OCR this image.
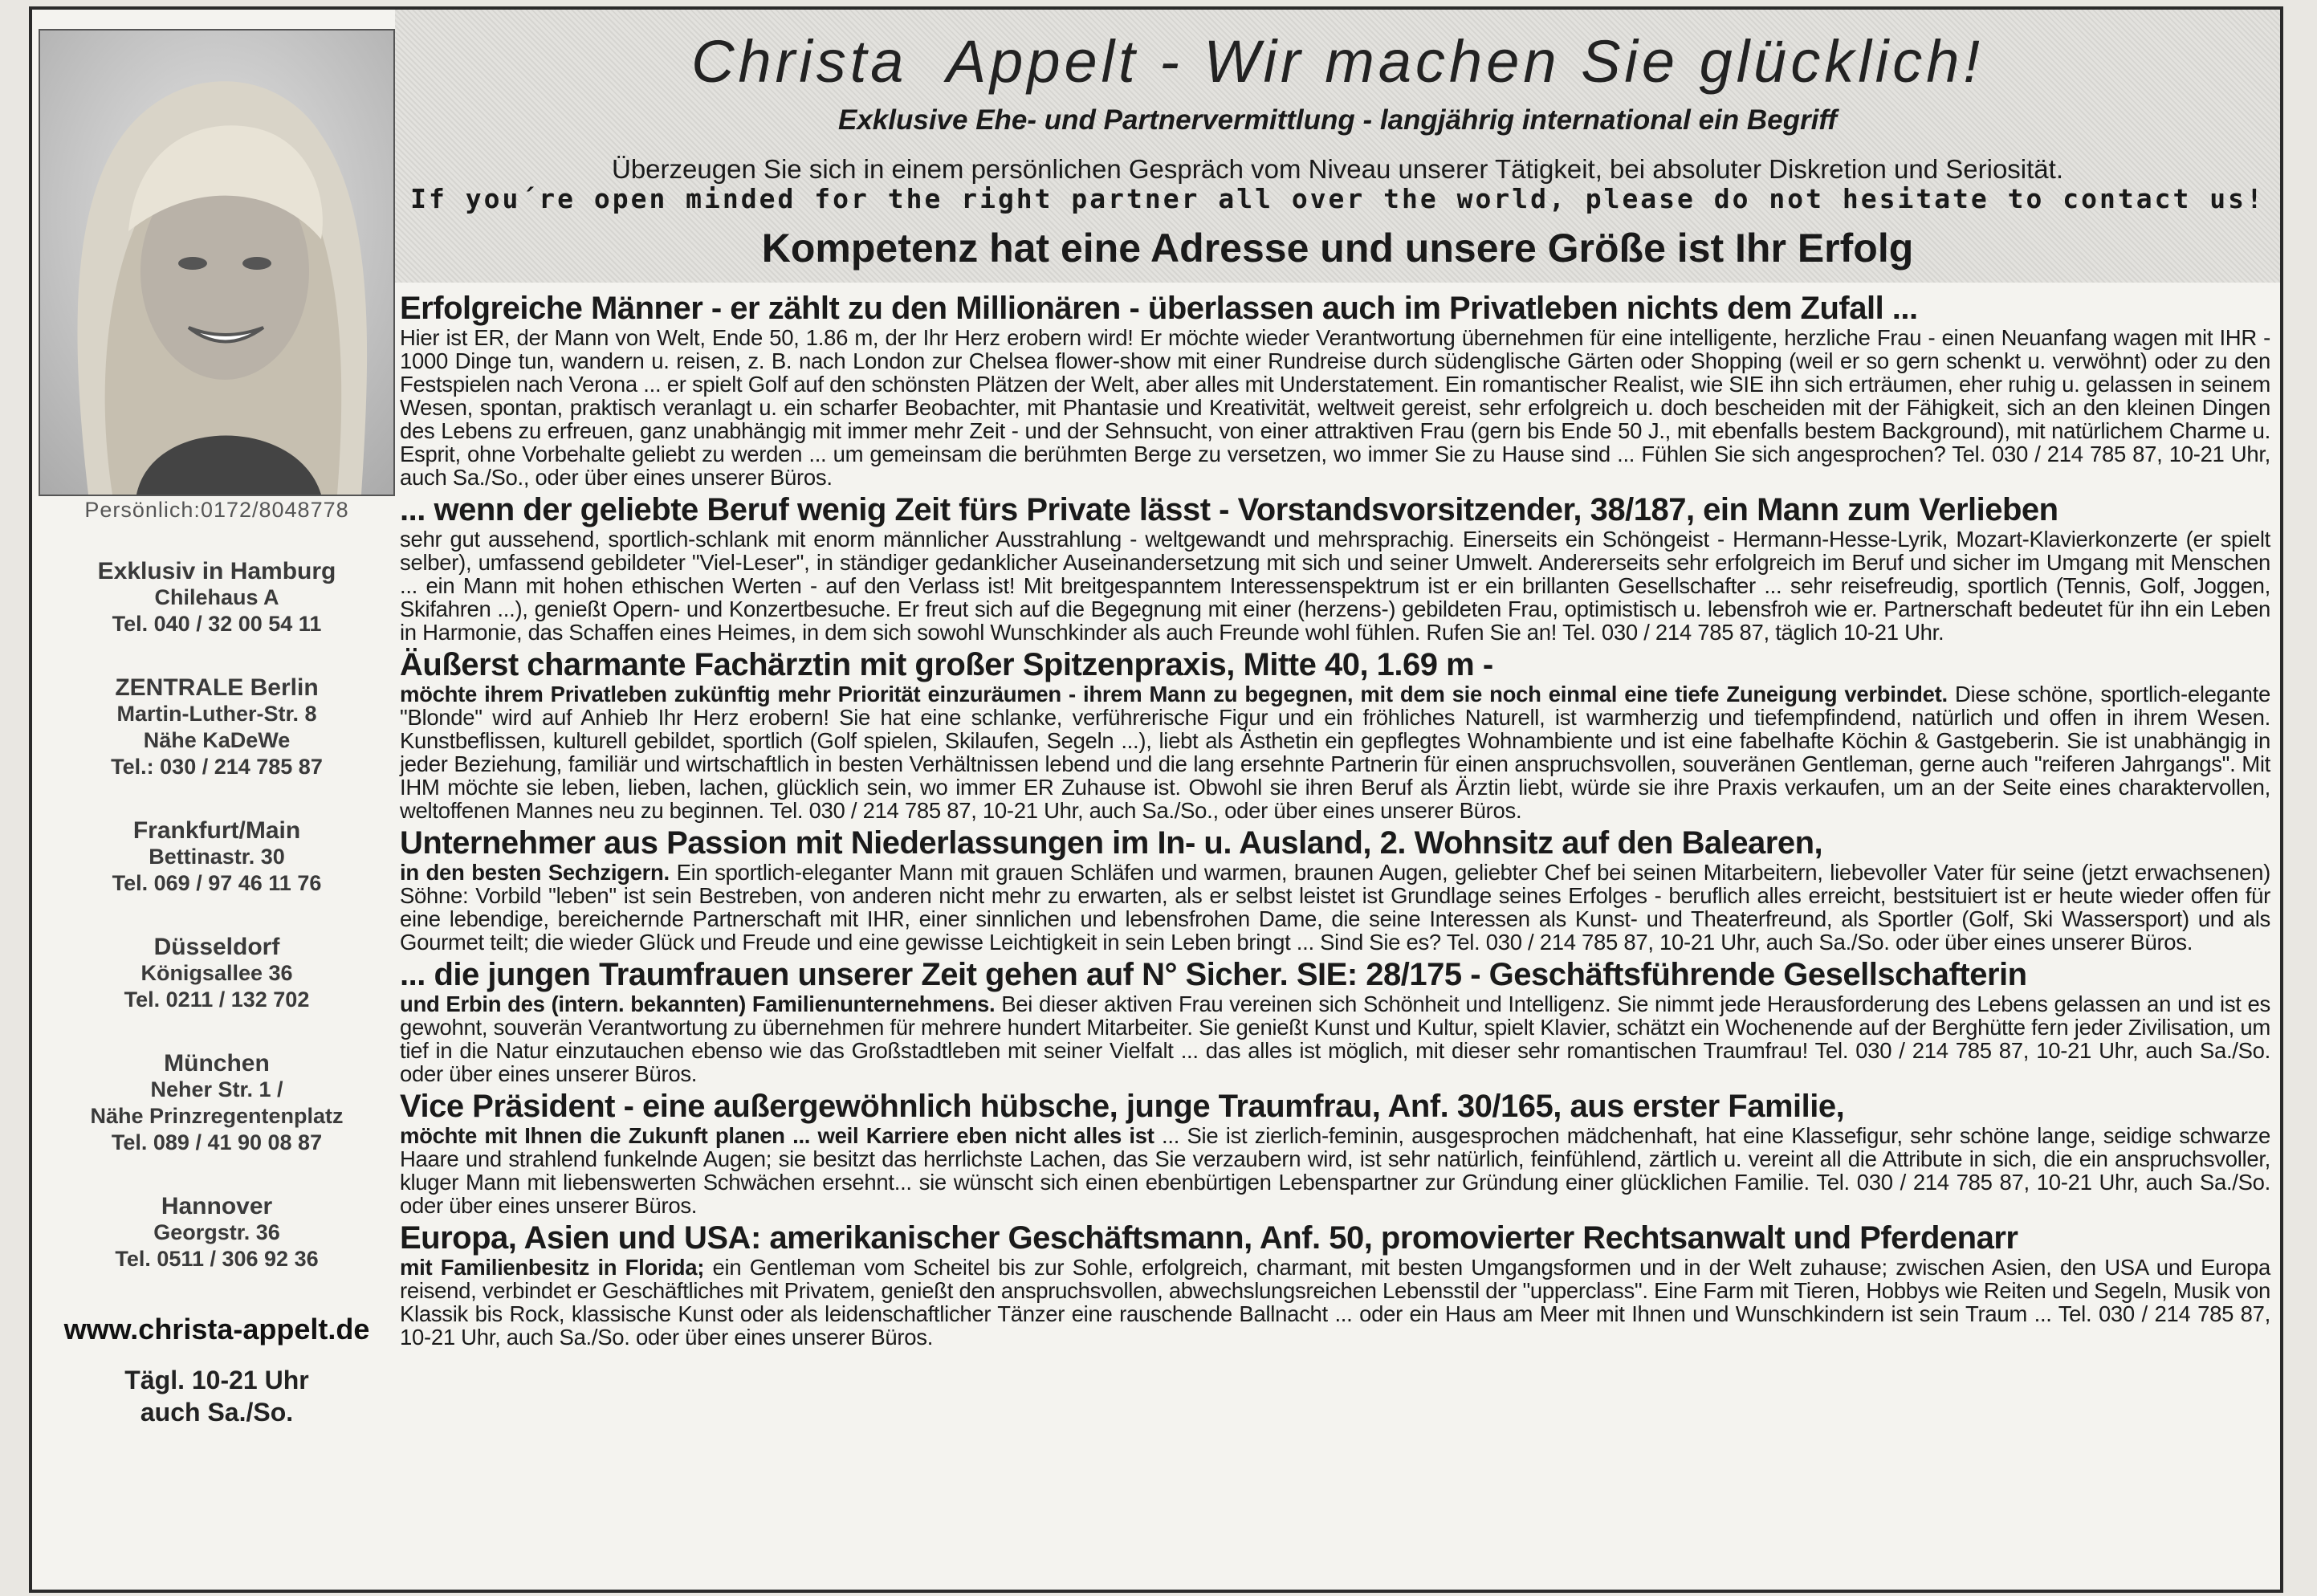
Christa  Appelt - Wir machen Sie glücklich!
Exklusive Ehe- und Partnervermittlung - langjährig international ein Begriff
Überzeugen Sie sich in einem persönlichen Gespräch vom Niveau unserer Tätigkeit, bei absoluter Diskretion und Seriosität.
If you´re open minded for the right partner all over the world, please do not hesitate to contact us!
Kompetenz hat eine Adresse und unsere Größe ist Ihr Erfolg
Persönlich:0172/8048778
Exklusiv in Hamburg
Chilehaus A
Tel. 040 / 32 00 54 11
ZENTRALE Berlin
Martin-Luther-Str. 8
Nähe KaDeWe
Tel.: 030 / 214 785 87
Frankfurt/Main
Bettinastr. 30
Tel. 069 / 97 46 11 76
Düsseldorf
Königsallee 36
Tel. 0211 / 132 702
München
Neher Str. 1 /
Nähe Prinzregentenplatz
Tel. 089 / 41 90 08 87
Hannover
Georgstr. 36
Tel. 0511 / 306 92 36
www.christa-appelt.de
Tägl. 10-21 Uhr
auch Sa./So.
Erfolgreiche Männer - er zählt zu den Millionären - überlassen auch im Privatleben nichts dem Zufall ...
Hier ist ER, der Mann von Welt, Ende 50, 1.86 m, der Ihr Herz erobern wird! Er möchte wieder Verantwortung übernehmen für eine intelligente, herzliche Frau - einen Neuanfang wagen mit IHR - 1000 Dinge tun, wandern u. reisen, z. B. nach London zur Chelsea flower-show mit einer Rundreise durch südenglische Gärten oder Shopping (weil er so gern schenkt u. verwöhnt) oder zu den Festspielen nach Verona ... er spielt Golf auf den schönsten Plätzen der Welt, aber alles mit Understatement. Ein romantischer Realist, wie SIE ihn sich erträumen, eher ruhig u. gelassen in seinem Wesen, spontan, praktisch veranlagt u. ein scharfer Beobachter, mit Phantasie und Kreativität, weltweit gereist, sehr erfolgreich u. doch bescheiden mit der Fähigkeit, sich an den kleinen Dingen des Lebens zu erfreuen, ganz unabhängig mit immer mehr Zeit - und der Sehnsucht, von einer attraktiven Frau (gern bis Ende 50 J., mit ebenfalls bestem Background), mit natürlichem Charme u. Esprit, ohne Vorbehalte geliebt zu werden ... um gemeinsam die berühmten Berge zu versetzen, wo immer Sie zu Hause sind ... Fühlen Sie sich angesprochen? Tel. 030 / 214 785 87, 10-21 Uhr, auch Sa./So., oder über eines unserer Büros.
... wenn der geliebte Beruf wenig Zeit fürs Private lässt - Vorstandsvorsitzender, 38/187, ein Mann zum Verlieben
sehr gut aussehend, sportlich-schlank mit enorm männlicher Ausstrahlung - weltgewandt und mehrsprachig. Einerseits ein Schöngeist - Hermann-Hesse-Lyrik, Mozart-Klavierkonzerte (er spielt selber), umfassend gebildeter "Viel-Leser", in ständiger gedanklicher Auseinandersetzung mit sich und seiner Umwelt. Andererseits sehr erfolgreich im Beruf und sicher im Umgang mit Menschen ... ein Mann mit hohen ethischen Werten - auf den Verlass ist! Mit breitgespanntem Interessenspektrum ist er ein brillanten Gesellschafter ... sehr reisefreudig, sportlich (Tennis, Golf, Joggen, Skifahren ...), genießt Opern- und Konzertbesuche. Er freut sich auf die Begegnung mit einer (herzens-) gebildeten Frau, optimistisch u. lebensfroh wie er. Partnerschaft bedeutet für ihn ein Leben in Harmonie, das Schaffen eines Heimes, in dem sich sowohl Wunschkinder als auch Freunde wohl fühlen. Rufen Sie an! Tel. 030 / 214 785 87, täglich 10-21 Uhr.
Äußerst charmante Fachärztin mit großer Spitzenpraxis, Mitte 40, 1.69 m -
möchte ihrem Privatleben zukünftig mehr Priorität einzuräumen - ihrem Mann zu begegnen, mit dem sie noch einmal eine tiefe Zuneigung verbindet. Diese schöne, sportlich-elegante "Blonde" wird auf Anhieb Ihr Herz erobern! Sie hat eine schlanke, verführerische Figur und ein fröhliches Naturell, ist warmherzig und tiefempfindend, natürlich und offen in ihrem Wesen. Kunstbeflissen, kulturell gebildet, sportlich (Golf spielen, Skilaufen, Segeln ...), liebt als Ästhetin ein gepflegtes Wohnambiente und ist eine fabelhafte Köchin & Gastgeberin. Sie ist unabhängig in jeder Beziehung, familiär und wirtschaftlich in besten Verhältnissen lebend und die lang ersehnte Partnerin für einen anspruchsvollen, souveränen Gentleman, gerne auch "reiferen Jahrgangs". Mit IHM möchte sie leben, lieben, lachen, glücklich sein, wo immer ER Zuhause ist. Obwohl sie ihren Beruf als Ärztin liebt, würde sie ihre Praxis verkaufen, um an der Seite eines charaktervollen, weltoffenen Mannes neu zu beginnen. Tel. 030 / 214 785 87, 10-21 Uhr, auch Sa./So., oder über eines unserer Büros.
Unternehmer aus Passion mit Niederlassungen im In- u. Ausland, 2. Wohnsitz auf den Balearen,
in den besten Sechzigern. Ein sportlich-eleganter Mann mit grauen Schläfen und warmen, braunen Augen, geliebter Chef bei seinen Mitarbeitern, liebevoller Vater für seine (jetzt erwachsenen) Söhne: Vorbild "leben" ist sein Bestreben, von anderen nicht mehr zu erwarten, als er selbst leistet ist Grundlage seines Erfolges - beruflich alles erreicht, bestsituiert ist er heute wieder offen für eine lebendige, bereichernde Partnerschaft mit IHR, einer sinnlichen und lebensfrohen Dame, die seine Interessen als Kunst- und Theaterfreund, als Sportler (Golf, Ski Wassersport) und als Gourmet teilt; die wieder Glück und Freude und eine gewisse Leichtigkeit in sein Leben bringt ... Sind Sie es? Tel. 030 / 214 785 87, 10-21 Uhr, auch Sa./So. oder über eines unserer Büros.
... die jungen Traumfrauen unserer Zeit gehen auf N° Sicher. SIE: 28/175 - Geschäftsführende Gesellschafterin
und Erbin des (intern. bekannten) Familienunternehmens. Bei dieser aktiven Frau vereinen sich Schönheit und Intelligenz. Sie nimmt jede Herausforderung des Lebens gelassen an und ist es gewohnt, souverän Verantwortung zu übernehmen für mehrere hundert Mitarbeiter. Sie genießt Kunst und Kultur, spielt Klavier, schätzt ein Wochenende auf der Berghütte fern jeder Zivilisation, um tief in die Natur einzutauchen ebenso wie das Großstadtleben mit seiner Vielfalt ... das alles ist möglich, mit dieser sehr romantischen Traumfrau! Tel. 030 / 214 785 87, 10-21 Uhr, auch Sa./So. oder über eines unserer Büros.
Vice Präsident - eine außergewöhnlich hübsche, junge Traumfrau, Anf. 30/165, aus erster Familie,
möchte mit Ihnen die Zukunft planen ... weil Karriere eben nicht alles ist ... Sie ist zierlich-feminin, ausgesprochen mädchenhaft, hat eine Klassefigur, sehr schöne lange, seidige schwarze Haare und strahlend funkelnde Augen; sie besitzt das herrlichste Lachen, das Sie verzaubern wird, ist sehr natürlich, feinfühlend, zärtlich u. vereint all die Attribute in sich, die ein anspruchsvoller, kluger Mann mit liebenswerten Schwächen ersehnt... sie wünscht sich einen ebenbürtigen Lebenspartner zur Gründung einer glücklichen Familie. Tel. 030 / 214 785 87, 10-21 Uhr, auch Sa./So. oder über eines unserer Büros.
Europa, Asien und USA: amerikanischer Geschäftsmann, Anf. 50, promovierter Rechtsanwalt und Pferdenarr
mit Familienbesitz in Florida; ein Gentleman vom Scheitel bis zur Sohle, erfolgreich, charmant, mit besten Umgangsformen und in der Welt zuhause; zwischen Asien, den USA und Europa reisend, verbindet er Geschäftliches mit Privatem, genießt den anspruchsvollen, abwechslungsreichen Lebensstil der "upperclass". Eine Farm mit Tieren, Hobbys wie Reiten und Segeln, Musik von Klassik bis Rock, klassische Kunst oder als leidenschaftlicher Tänzer eine rauschende Ballnacht ... oder ein Haus am Meer mit Ihnen und Wunschkindern ist sein Traum ... Tel. 030 / 214 785 87, 10-21 Uhr, auch Sa./So. oder über eines unserer Büros.
